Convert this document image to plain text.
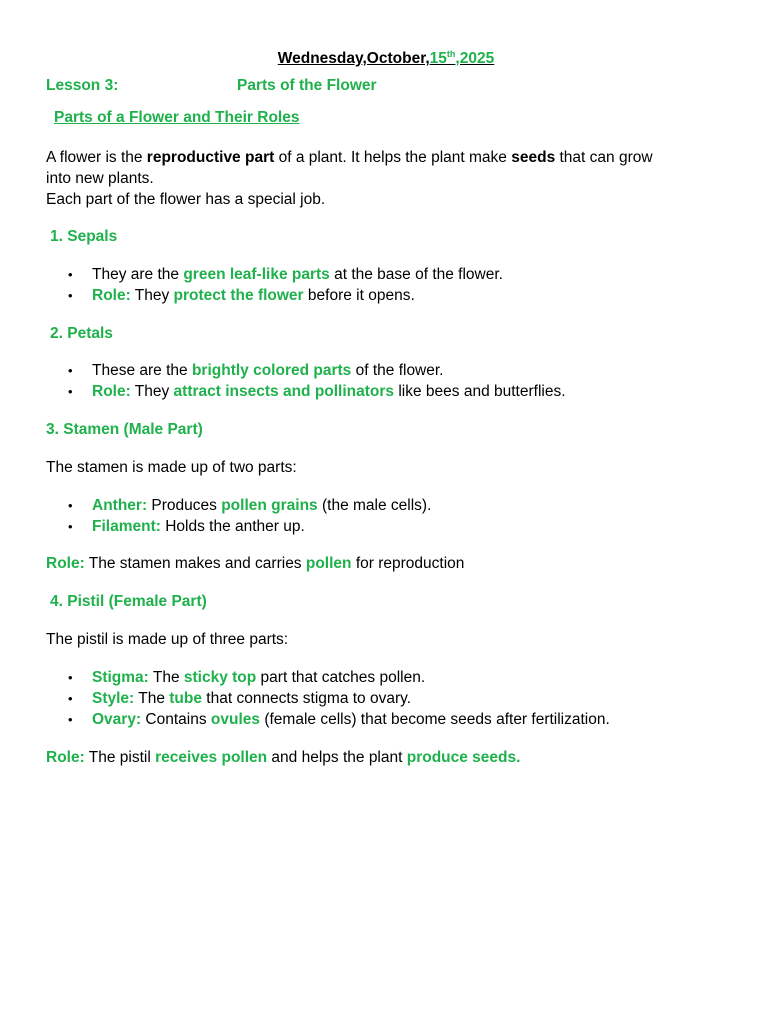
Wednesday,October,15th,2025
Lesson 3:	Parts of the Flower
Parts of a Flower and Their Roles
A flower is the reproductive part of a plant. It helps the plant make seeds that can grow
into new plants.
Each part of the flower has a special job.
1. Sepals
• They are the green leaf-like parts at the base of the flower.
• Role: They protect the flower before it opens.
2. Petals
• These are the brightly colored parts of the flower.
• Role: They attract insects and pollinators like bees and butterflies.
3. Stamen (Male Part)
The stamen is made up of two parts:
• Anther: Produces pollen grains (the male cells).
• Filament: Holds the anther up.
Role: The stamen makes and carries pollen for reproduction
4. Pistil (Female Part)
The pistil is made up of three parts:
• Stigma: The sticky top part that catches pollen.
• Style: The tube that connects stigma to ovary.
• Ovary: Contains ovules (female cells) that become seeds after fertilization.
Role: The pistil receives pollen and helps the plant produce seeds.
